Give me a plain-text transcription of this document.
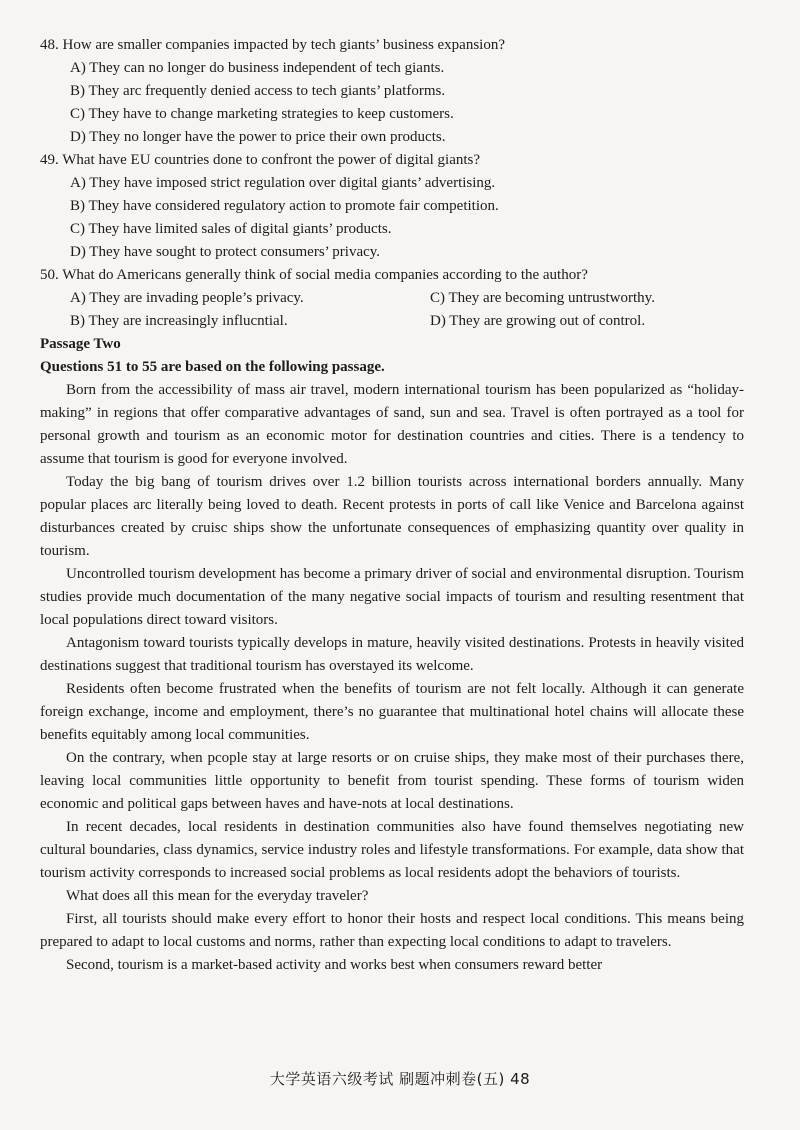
48. How are smaller companies impacted by tech giants’ business expansion?

A) They can no longer do business independent of tech giants.

B) They arc frequently denied access to tech giants’ platforms.

C) They have to change marketing strategies to keep customers.

D) They no longer have the power to price their own products.

49. What have EU countries done to confront the power of digital giants?

A) They have imposed strict regulation over digital giants’ advertising.

B) They have considered regulatory action to promote fair competition.

C) They have limited sales of digital giants’ products.

D) They have sought to protect consumers’ privacy.

50. What do Americans generally think of social media companies according to the author?

A) They are invading people’s privacy.	C) They are becoming untrustworthy.
B) They are increasingly influcntial.	D) They are growing out of control.

Passage Two

Questions 51 to 55 are based on the following passage.

Born from the accessibility of mass air travel, modern international tourism has been popularized as “holiday-making” in regions that offer comparative advantages of sand, sun and sea. Travel is often portrayed as a tool for personal growth and tourism as an economic motor for destination countries and cities. There is a tendency to assume that tourism is good for everyone involved.

Today the big bang of tourism drives over 1.2 billion tourists across international borders annually. Many popular places arc literally being loved to death. Recent protests in ports of call like Venice and Barcelona against disturbances created by cruisc ships show the unfortunate consequences of emphasizing quantity over quality in tourism.

Uncontrolled tourism development has become a primary driver of social and environmental disruption. Tourism studies provide much documentation of the many negative social impacts of tourism and resulting resentment that local populations direct toward visitors.

Antagonism toward tourists typically develops in mature, heavily visited destinations. Protests in heavily visited destinations suggest that traditional tourism has overstayed its welcome.

Residents often become frustrated when the benefits of tourism are not felt locally. Although it can generate foreign exchange, income and employment, there’s no guarantee that multinational hotel chains will allocate these benefits equitably among local communities.

On the contrary, when pcople stay at large resorts or on cruise ships, they make most of their purchases there, leaving local communities little opportunity to benefit from tourist spending. These forms of tourism widen economic and political gaps between haves and have-nots at local destinations.

In recent decades, local residents in destination communities also have found themselves negotiating new cultural boundaries, class dynamics, service industry roles and lifestyle transformations. For example, data show that tourism activity corresponds to increased social problems as local residents adopt the behaviors of tourists.

What does all this mean for the everyday traveler?

First, all tourists should make every effort to honor their hosts and respect local conditions. This means being prepared to adapt to local customs and norms, rather than expecting local conditions to adapt to travelers.

Second, tourism is a market-based activity and works best when consumers reward better

大学英语六级考试 刷题冲刺卷(五) 48
